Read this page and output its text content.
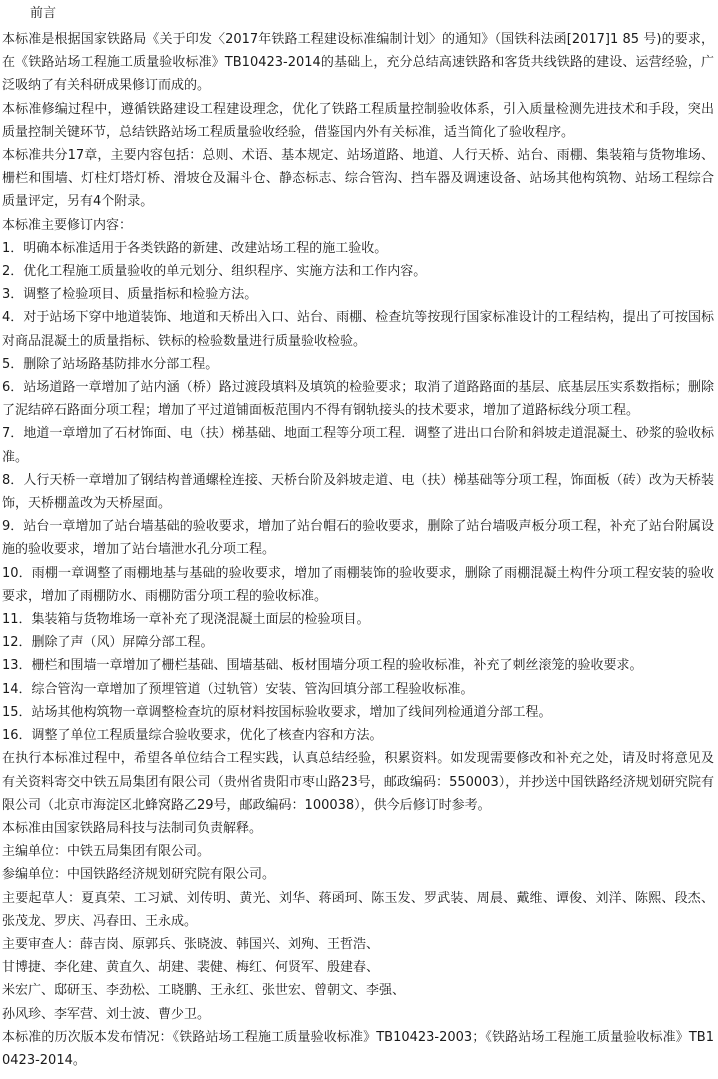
前言

本标准是根据国家铁路局《关于印发〈2017年铁路工程建设标准编制计划〉的通知》（国铁科法函[2017]1 85 号)的要求，在《铁路站场工程施工质量验收标准》TB10423-2014的基础上，充分总结高速铁路和客货共线铁路的建设、运营经验，广泛吸纳了有关科研成果修订而成的。

本标准修编过程中，遵循铁路建设工程建设理念，优化了铁路工程质量控制验收体系，引入质量检测先进技术和手段，突出质量控制关键环节，总结铁路站场工程质量验收经验，借鉴国内外有关标准，适当简化了验收程序。

本标准共分17章，主要内容包括：总则、术语、基本规定、站场道路、地道、人行天桥、站台、雨棚、集装箱与货物堆场、栅栏和围墙、灯柱灯塔灯桥、滑坡仓及漏斗仓、静态标志、综合管沟、挡车器及调速设备、站场其他构筑物、站场工程综合质量评定，另有4个附录。

本标准主要修订内容：

1．明确本标准适用于各类铁路的新建、改建站场工程的施工验收。

2．优化工程施工质量验收的单元划分、组织程序、实施方法和工作内容。

3．调整了检验项目、质量指标和检验方法。

4．对于站场下穿中地道装饰、地道和天桥出入口、站台、雨棚、检查坑等按现行国家标准设计的工程结构，提出了可按国标对商品混凝土的质量指标、铁标的检验数量进行质量验收检验。

5．删除了站场路基防排水分部工程。

6．站场道路一章增加了站内涵（桥）路过渡段填料及填筑的检验要求；取消了道路路面的基层、底基层压实系数指标；删除了泥结碎石路面分项工程；增加了平过道铺面板范围内不得有钢轨接头的技术要求，增加了道路标线分项工程。

7．地道一章增加了石材饰面、电（扶）梯基础、地面工程等分项工程．调整了进出口台阶和斜坡走道混凝土、砂浆的验收标准。

8．人行天桥一章增加了钢结构普通螺栓连接、天桥台阶及斜坡走道、电（扶）梯基础等分项工程，饰面板（砖）改为天桥装饰，天桥棚盖改为天桥屋面。

9．站台一章增加了站台墙基础的验收要求，增加了站台帽石的验收要求，删除了站台墙吸声板分项工程，补充了站台附属设施的验收要求，增加了站台墙泄水孔分项工程。

10．雨棚一章调整了雨棚地基与基础的验收要求，增加了雨棚装饰的验收要求，删除了雨棚混凝土构件分项工程安装的验收要求，增加了雨棚防水、雨棚防雷分项工程的验收标准。

11．集装箱与货物堆场一章补充了现浇混凝土面层的检验项目。

12．删除了声（风）屏障分部工程。

13．栅栏和围墙一章增加了栅栏基础、围墙基础、板材围墙分项工程的验收标准，补充了刺丝滚笼的验收要求。

14．综合管沟一章增加了预埋管道（过轨管）安装、管沟回填分部工程验收标准。

15．站场其他构筑物一章调整检查坑的原材料按国标验收要求，增加了线间列检通道分部工程。

16．调整了单位工程质量综合验收要求，优化了核查内容和方法。

在执行本标准过程中，希望各单位结合工程实践，认真总结经验，积累资料。如发现需要修改和补充之处，请及时将意见及有关资料寄交中铁五局集团有限公司（贵州省贵阳市枣山路23号，邮政编码：550003），并抄送中国铁路经济规划研究院有限公司（北京市海淀区北蜂窝路乙29号，邮政编码：100038），供今后修订时参考。

本标准由国家铁路局科技与法制司负责解释。

主编单位：中铁五局集团有限公司。

参编单位：中国铁路经济规划研究院有限公司。

主要起草人：夏真荣、工习斌、刘传明、黄光、刘华、蒋函珂、陈玉发、罗武装、周晨、戴维、谭俊、刘洋、陈熙、段杰、张茂龙、罗庆、冯春田、王永成。

主要审查人：薛吉岗、原郭兵、张晓波、韩国兴、刘殉、王哲浩、

甘博捷、李化建、黄直久、胡建、裴健、梅红、何贤军、殷建春、

米宏广、邸研玉、李劲松、工晓鹏、王永红、张世宏、曾朝文、李强、

孙风珍、李军营、刘士波、曹少卫。

本标准的历次版本发布情况：《铁路站场工程施工质量验收标准》TB10423-2003；《铁路站场工程施工质量验收标准》TB10423-2014。
